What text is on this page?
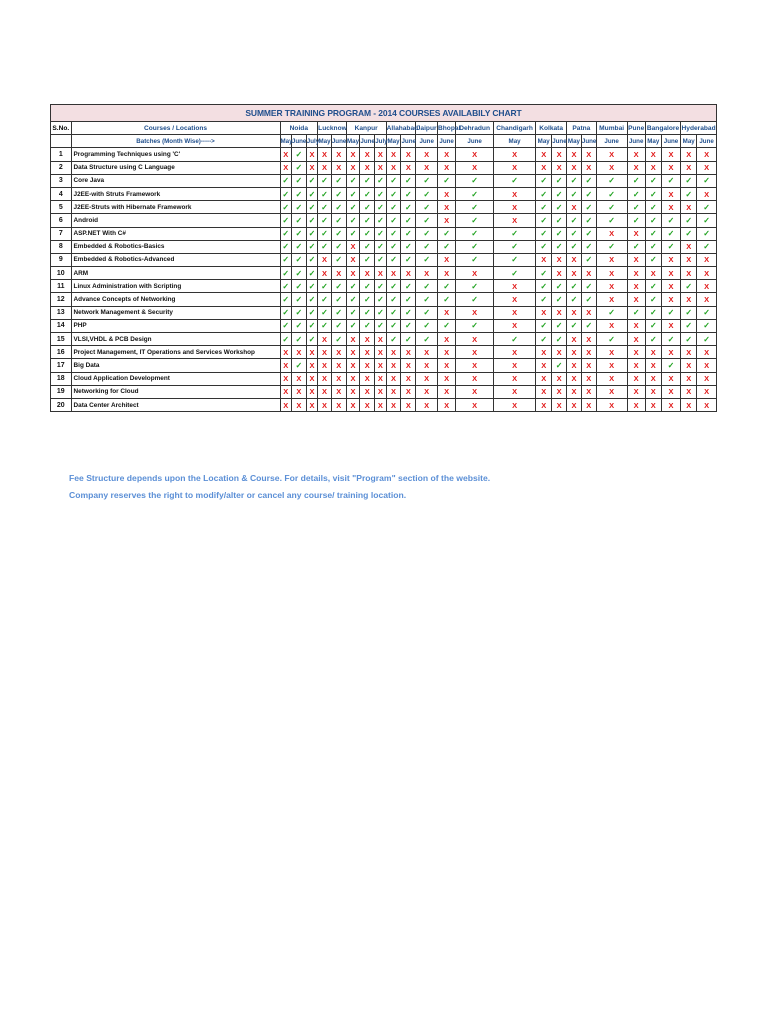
SUMMER TRAINING PROGRAM - 2014 COURSES AVAILABILY CHART																									
S.No.	Courses / Locations	Noida			Lucknow		Kanpur			Allahabad		Jaipur	Bhopal	Dehradun	Chandigarh	Kolkata		Patna		Mumbai	Pune	Bangalore		Hyderabad	
	Batches (Month Wise)----->	May	June	July	May	June	May	June	July	May	June	June	June	June	May	May	June	May	June	June	June	May	June	May	June
1	Programming Techniques using 'C'	X	✓	X	X	X	X	X	X	X	X	X	X	X	X	X	X	X	X	X	X	X	X	X	X
2	Data Structure using C Language	X	✓	X	X	X	X	X	X	X	X	X	X	X	X	X	X	X	X	X	X	X	X	X	X
3	Core Java	✓	✓	✓	✓	✓	✓	✓	✓	✓	✓	✓	✓	✓	✓	✓	✓	✓	✓	✓	✓	✓	✓	✓	✓
4	J2EE-with Struts Framework	✓	✓	✓	✓	✓	✓	✓	✓	✓	✓	✓	X	✓	X	✓	✓	✓	✓	✓	✓	✓	X	✓	X
5	J2EE-Struts with Hibernate Framework	✓	✓	✓	✓	✓	✓	✓	✓	✓	✓	✓	X	✓	X	✓	✓	X	✓	✓	✓	✓	X	X	✓
6	Android	✓	✓	✓	✓	✓	✓	✓	✓	✓	✓	✓	X	✓	X	✓	✓	✓	✓	✓	✓	✓	✓	✓	✓
7	ASP.NET With C#	✓	✓	✓	✓	✓	✓	✓	✓	✓	✓	✓	✓	✓	✓	✓	✓	✓	✓	X	X	✓	✓	✓	✓
8	Embedded & Robotics-Basics	✓	✓	✓	✓	✓	X	✓	✓	✓	✓	✓	✓	✓	✓	✓	✓	✓	✓	✓	✓	✓	✓	X	✓
9	Embedded & Robotics-Advanced	✓	✓	✓	X	✓	X	✓	✓	✓	✓	✓	X	✓	✓	X	X	X	✓	X	X	✓	X	X	X
10	ARM	✓	✓	✓	X	X	X	X	X	X	X	X	X	X	✓	✓	X	X	X	X	X	X	X	X	X
11	Linux Administration with Scripting	✓	✓	✓	✓	✓	✓	✓	✓	✓	✓	✓	✓	✓	X	✓	✓	✓	✓	X	X	✓	X	✓	X
12	Advance Concepts of Networking	✓	✓	✓	✓	✓	✓	✓	✓	✓	✓	✓	✓	✓	X	✓	✓	✓	✓	X	X	✓	X	X	X
13	Network Management & Security	✓	✓	✓	✓	✓	✓	✓	✓	✓	✓	✓	X	X	X	X	X	X	X	✓	✓	✓	✓	✓	✓
14	PHP	✓	✓	✓	✓	✓	✓	✓	✓	✓	✓	✓	✓	✓	X	✓	✓	✓	✓	X	X	✓	X	✓	✓
15	VLSI,VHDL & PCB Design	✓	✓	✓	X	✓	X	X	X	✓	✓	✓	X	X	✓	✓	✓	X	X	✓	X	✓	✓	✓	✓
16	Project Management, IT Operations and Services Workshop	X	X	X	X	X	X	X	X	X	X	X	X	X	X	X	X	X	X	X	X	X	X	X	X
17	Big Data	X	✓	X	X	X	X	X	X	X	X	X	X	X	X	X	✓	X	X	X	X	X	✓	X	X
18	Cloud Application Development	X	X	X	X	X	X	X	X	X	X	X	X	X	X	X	X	X	X	X	X	X	X	X	X
19	Networking for Cloud	X	X	X	X	X	X	X	X	X	X	X	X	X	X	X	X	X	X	X	X	X	X	X	X
20	Data Center Architect	X	X	X	X	X	X	X	X	X	X	X	X	X	X	X	X	X	X	X	X	X	X	X	X
Fee Structure depends upon the Location & Course. For details, visit "Program" section of the website.
Company reserves the right to modify/alter or cancel any course/ training location.
